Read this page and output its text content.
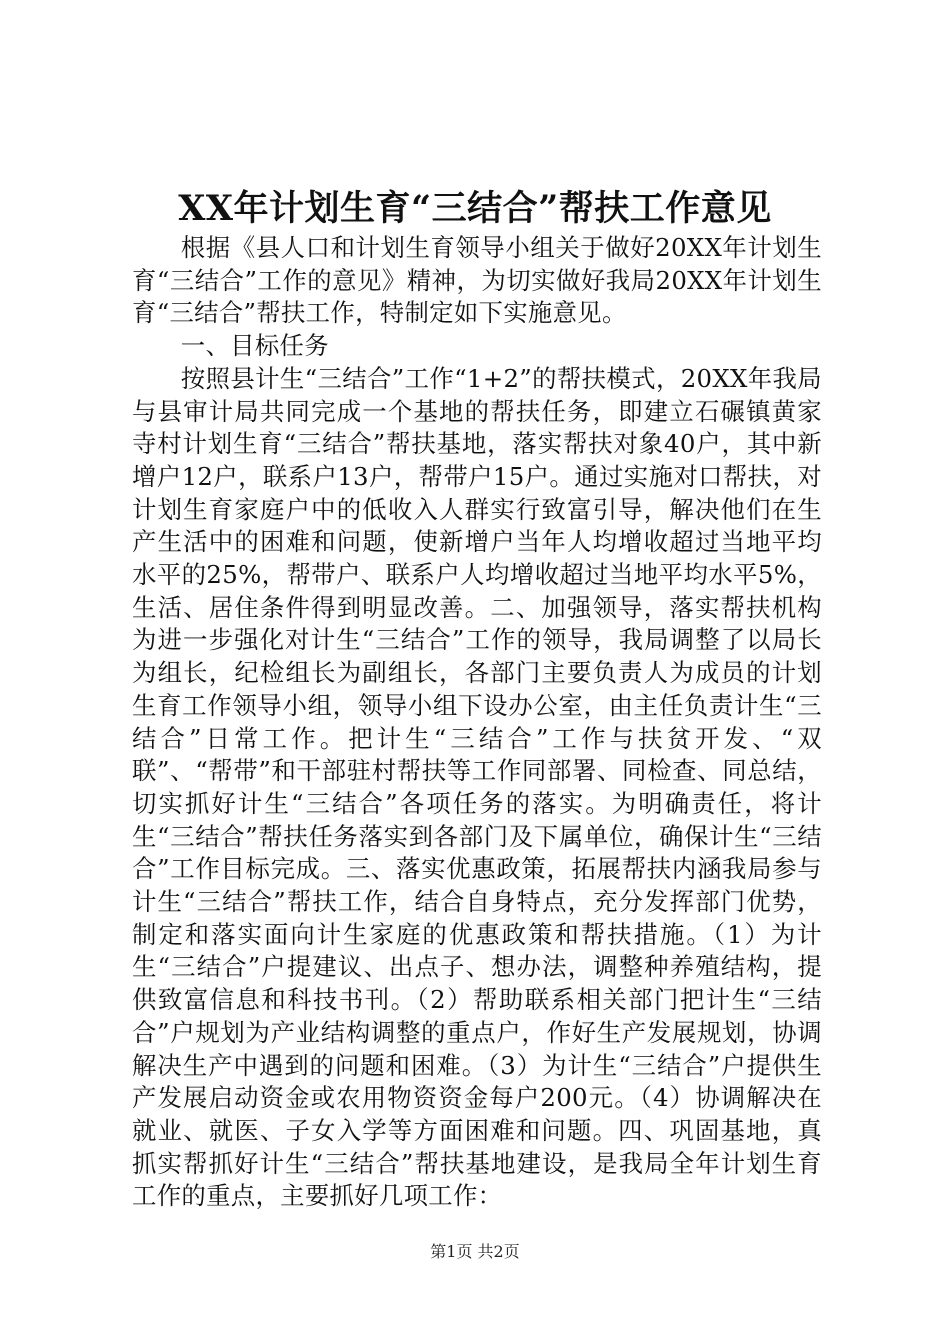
XX年计划生育“三结合”帮扶工作意见

根据《县人口和计划生育领导小组关于做好20XX年计划生育“三结合”工作的意见》精神，为切实做好我局20XX年计划生育“三结合”帮扶工作，特制定如下实施意见。

一、目标任务

按照县计生“三结合”工作“1+2”的帮扶模式，20XX年我局与县审计局共同完成一个基地的帮扶任务，即建立石碾镇黄家寺村计划生育“三结合”帮扶基地，落实帮扶对象40户，其中新增户12户，联系户13户，帮带户15户。通过实施对口帮扶，对计划生育家庭户中的低收入人群实行致富引导，解决他们在生产生活中的困难和问题，使新增户当年人均增收超过当地平均水平的25%，帮带户、联系户人均增收超过当地平均水平5%，生活、居住条件得到明显改善。二、加强领导，落实帮扶机构为进一步强化对计生“三结合”工作的领导，我局调整了以局长为组长，纪检组长为副组长，各部门主要负责人为成员的计划生育工作领导小组，领导小组下设办公室，由主任负责计生“三结合”日常工作。把计生“三结合”工作与扶贫开发、“双联”、“帮带”和干部驻村帮扶等工作同部署、同检查、同总结，切实抓好计生“三结合”各项任务的落实。为明确责任，将计生“三结合”帮扶任务落实到各部门及下属单位，确保计生“三结合”工作目标完成。三、落实优惠政策，拓展帮扶内涵我局参与计生“三结合”帮扶工作，结合自身特点，充分发挥部门优势，制定和落实面向计生家庭的优惠政策和帮扶措施。（1）为计生“三结合”户提建议、出点子、想办法，调整种养殖结构，提供致富信息和科技书刊。（2）帮助联系相关部门把计生“三结合”户规划为产业结构调整的重点户，作好生产发展规划，协调解决生产中遇到的问题和困难。（3）为计生“三结合”户提供生产发展启动资金或农用物资资金每户200元。（4）协调解决在就业、就医、子女入学等方面困难和问题。四、巩固基地，真抓实帮抓好计生“三结合”帮扶基地建设，是我局全年计划生育工作的重点，主要抓好几项工作：

第1页 共2页
